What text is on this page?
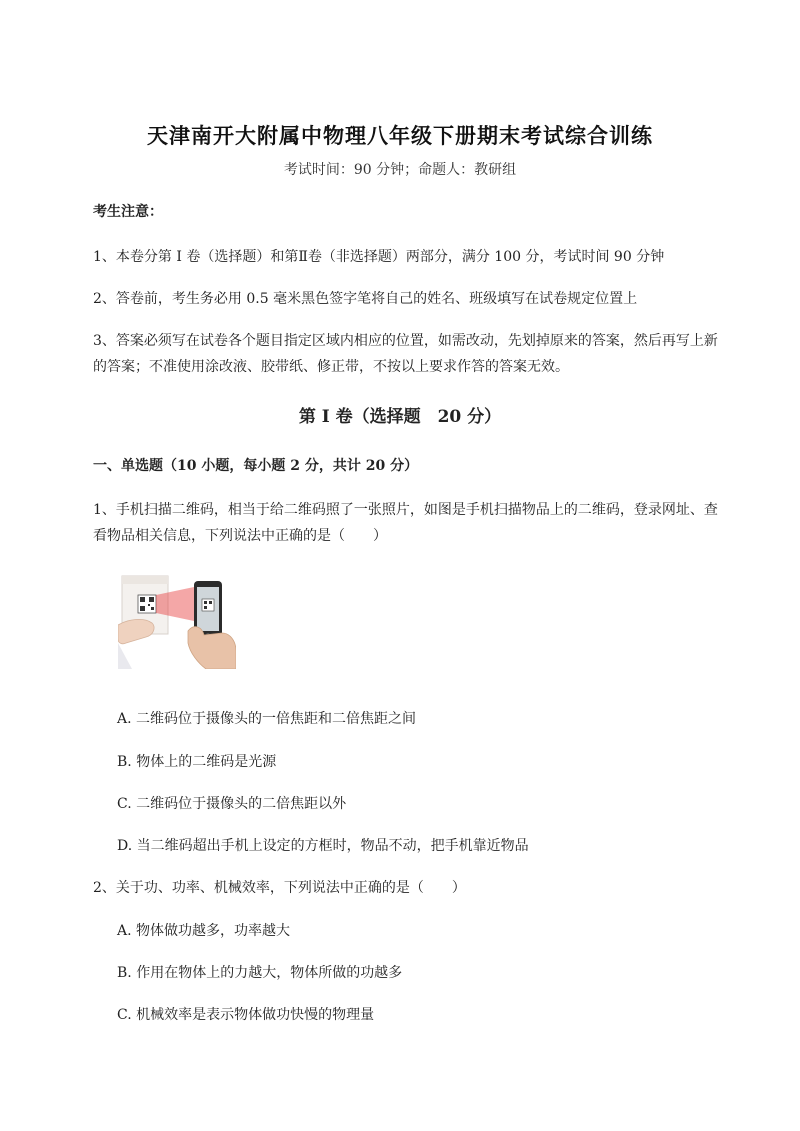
天津南开大附属中物理八年级下册期末考试综合训练
考试时间：90 分钟；命题人：教研组
考生注意：
1、本卷分第 I 卷（选择题）和第Ⅱ卷（非选择题）两部分，满分 100 分，考试时间 90 分钟
2、答卷前，考生务必用 0.5 毫米黑色签字笔将自己的姓名、班级填写在试卷规定位置上
3、答案必须写在试卷各个题目指定区域内相应的位置，如需改动，先划掉原来的答案，然后再写上新
的答案；不准使用涂改液、胶带纸、修正带，不按以上要求作答的答案无效。
第 I 卷（选择题　20 分）
一、单选题（10 小题，每小题 2 分，共计 20 分）
1、手机扫描二维码，相当于给二维码照了一张照片，如图是手机扫描物品上的二维码，登录网址、查
看物品相关信息，下列说法中正确的是（　　）
A. 二维码位于摄像头的一倍焦距和二倍焦距之间
B. 物体上的二维码是光源
C. 二维码位于摄像头的二倍焦距以外
D. 当二维码超出手机上设定的方框时，物品不动，把手机靠近物品
2、关于功、功率、机械效率，下列说法中正确的是（　　）
A. 物体做功越多，功率越大
B. 作用在物体上的力越大，物体所做的功越多
C. 机械效率是表示物体做功快慢的物理量
